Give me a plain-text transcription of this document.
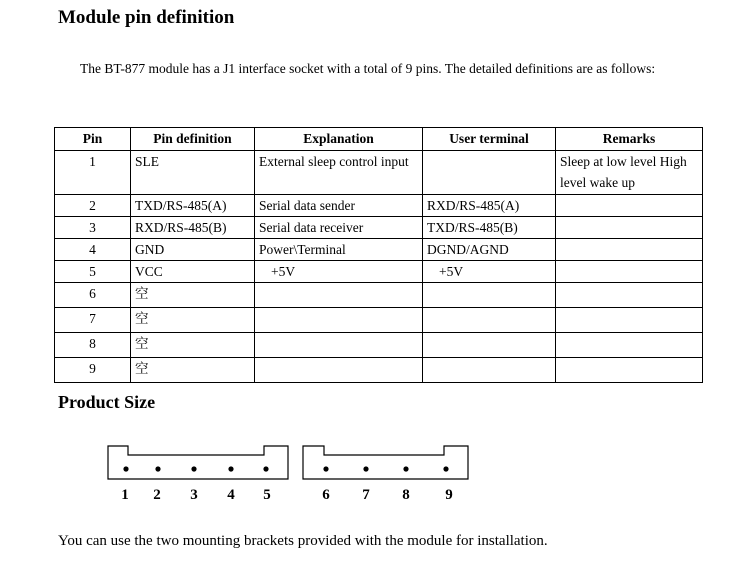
Module pin definition

The BT-877 module has a J1 interface socket with a total of 9 pins. The detailed definitions are as follows:

Pin	Pin definition	Explanation	User terminal	Remarks
1	SLE	External sleep control input		Sleep at low level High level wake up
2	TXD/RS-485(A)	Serial data sender	RXD/RS-485(A)	
3	RXD/RS-485(B)	Serial data receiver	TXD/RS-485(B)	
4	GND	Power\Terminal	DGND/AGND	
5	VCC	+5V	+5V	
6	空			
7	空			
8	空			
9	空			
Product Size
1 2 3 4 5	6 7 8 9

You can use the two mounting brackets provided with the module for installation.
